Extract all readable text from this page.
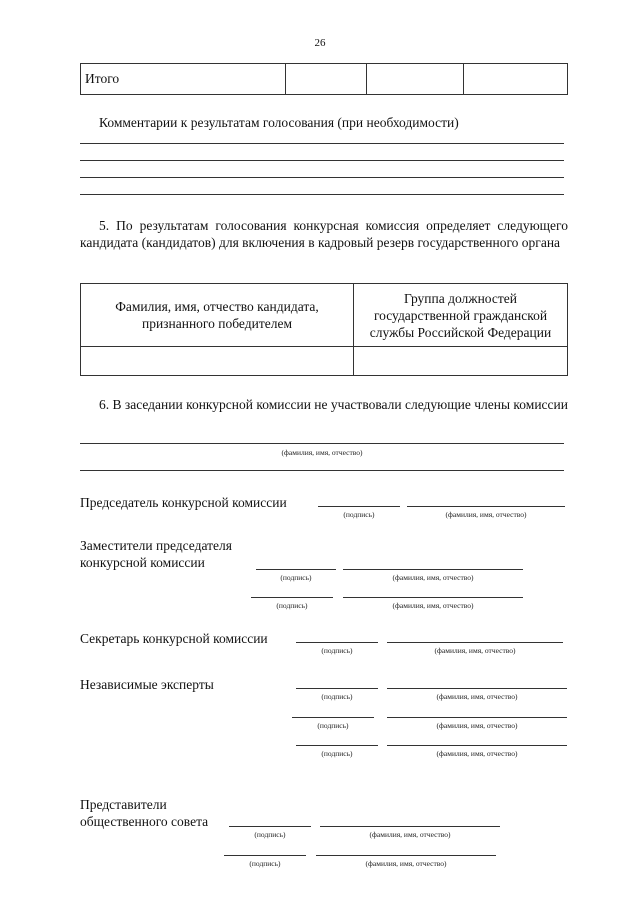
26
Итого			
Комментарии к результатам голосования (при необходимости)
5. По результатам голосования конкурсная комиссия определяет следующего кандидата (кандидатов) для включения в кадровый резерв государственного органа
Фамилия, имя, отчество кандидата, признанного победителем	Группа должностей государственной гражданской службы Российской Федерации

6. В заседании конкурсной комиссии не участвовали следующие члены комиссии
(фамилия, имя, отчество)
Председатель конкурсной комиссии
(подпись)	(фамилия, имя, отчество)
Заместители председателя
конкурсной комиссии
(подпись)	(фамилия, имя, отчество)
(подпись)	(фамилия, имя, отчество)
Секретарь конкурсной комиссии
(подпись)	(фамилия, имя, отчество)
Независимые эксперты
(подпись)	(фамилия, имя, отчество)
(подпись)	(фамилия, имя, отчество)
(подпись)	(фамилия, имя, отчество)
Представители
общественного совета
(подпись)	(фамилия, имя, отчество)
(подпись)	(фамилия, имя, отчество)
